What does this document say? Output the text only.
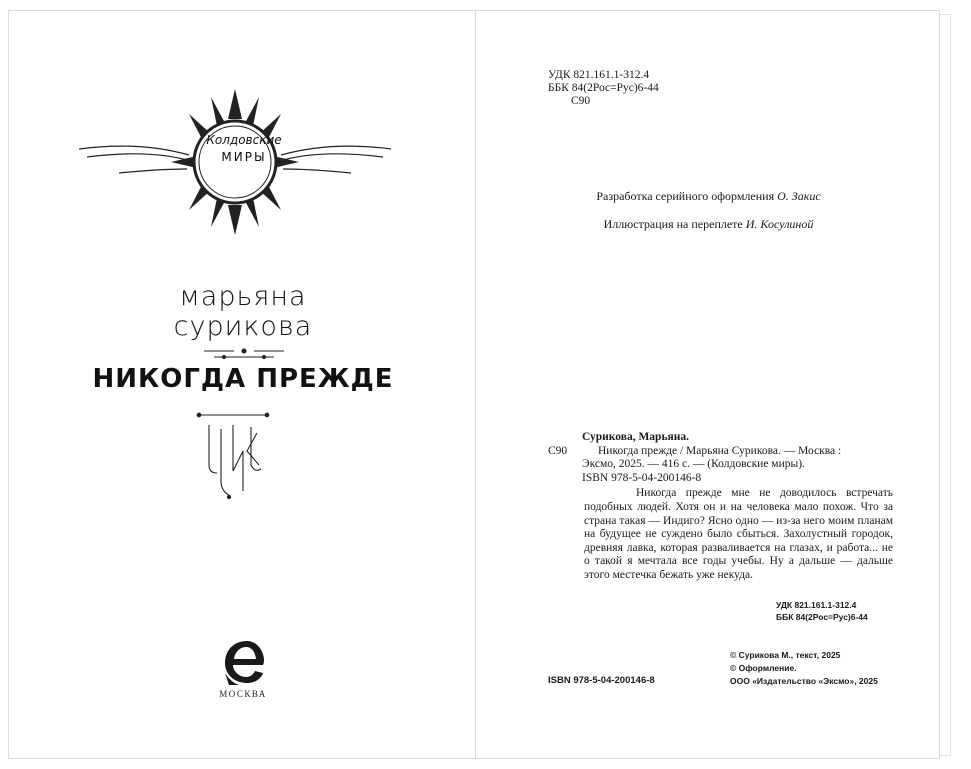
Колдовские
МИРЫ
марьяна
сурикова
НИКОГДА ПРЕЖДЕ
МОСКВА
УДК 821.161.1-312.4
ББК 84(2Рос=Рус)6-44
С90
Разработка серийного оформления О. Закис
Иллюстрация на переплете И. Косулиной
Сурикова, Марьяна.
С90	Никогда прежде / Марьяна Сурикова. — Москва :
Эксмо, 2025. — 416 с. — (Колдовские миры).
ISBN 978-5-04-200146-8
Никогда прежде мне не доводилось встречать подобных людей. Хотя он и на человека мало похож. Что за страна такая — Индиго? Ясно одно — из-за него моим планам на будущее не суждено было сбыться. Захолустный городок, древняя лавка, которая разваливается на глазах, и работа... не о такой я мечтала все годы учебы. Ну а дальше — дальше этого местечка бежать уже некуда.
УДК 821.161.1-312.4
ББК 84(2Рос=Рус)6-44
ISBN 978-5-04-200146-8
© Сурикова М., текст, 2025
© Оформление.
ООО «Издательство «Эксмо», 2025
